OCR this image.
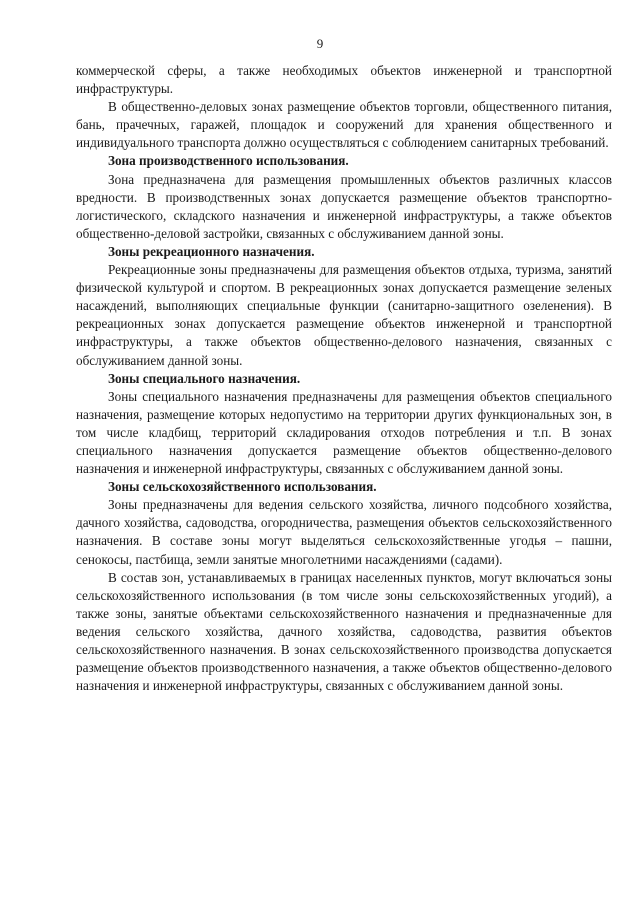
9

коммерческой сферы, а также необходимых объектов инженерной и транспортной инфраструктуры.

В общественно-деловых зонах размещение объектов торговли, общественного питания, бань, прачечных, гаражей, площадок и сооружений для хранения общественного и индивидуального транспорта должно осуществляться с соблюдением санитарных требований.

Зона производственного использования.

Зона предназначена для размещения промышленных объектов различных классов вредности. В производственных зонах допускается размещение объектов транспортно-логистического, складского назначения и инженерной инфраструктуры, а также объектов общественно-деловой застройки, связанных с обслуживанием данной зоны.

Зоны рекреационного назначения.

Рекреационные зоны предназначены для размещения объектов отдыха, туризма, занятий физической культурой и спортом. В рекреационных зонах допускается размещение зеленых насаждений, выполняющих специальные функции (санитарно-защитного озеленения). В рекреационных зонах допускается размещение объектов инженерной и транспортной инфраструктуры, а также объектов общественно-делового назначения, связанных с обслуживанием данной зоны.

Зоны специального назначения.

Зоны специального назначения предназначены для размещения объектов специального назначения, размещение которых недопустимо на территории других функциональных зон, в том числе кладбищ, территорий складирования отходов потребления и т.п. В зонах специального назначения допускается размещение объектов общественно-делового назначения и инженерной инфраструктуры, связанных с обслуживанием данной зоны.

Зоны сельскохозяйственного использования.

Зоны предназначены для ведения сельского хозяйства, личного подсобного хозяйства, дачного хозяйства, садоводства, огородничества, размещения объектов сельскохозяйственного назначения. В составе зоны могут выделяться сельскохозяйственные угодья – пашни, сенокосы, пастбища, земли занятые многолетними насаждениями (садами).

В состав зон, устанавливаемых в границах населенных пунктов, могут включаться зоны сельскохозяйственного использования (в том числе зоны сельскохозяйственных угодий), а также зоны, занятые объектами сельскохозяйственного назначения и предназначенные для ведения сельского хозяйства, дачного хозяйства, садоводства, развития объектов сельскохозяйственного назначения. В зонах сельскохозяйственного производства допускается размещение объектов производственного назначения, а также объектов общественно-делового назначения и инженерной инфраструктуры, связанных с обслуживанием данной зоны.
